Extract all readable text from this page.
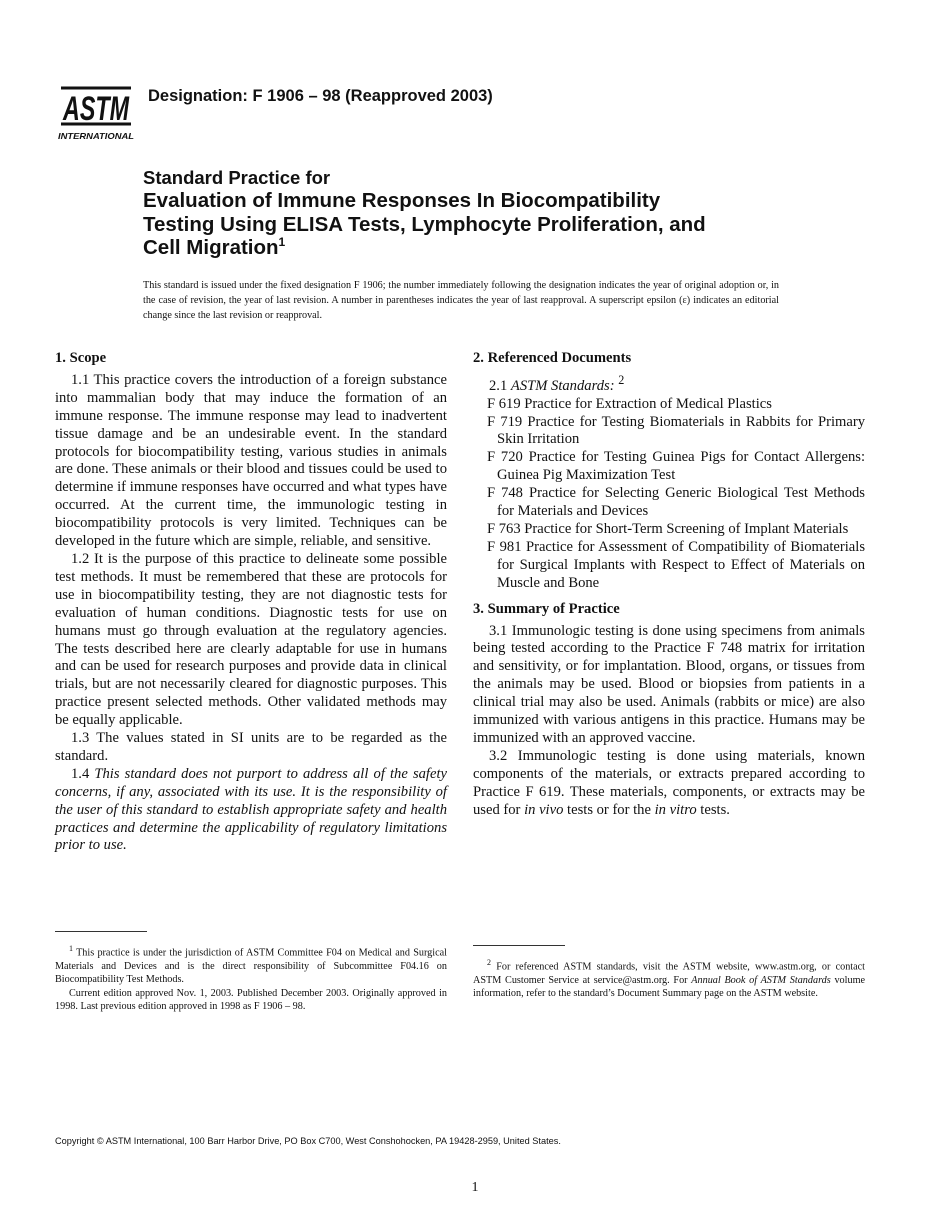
ASTM
INTERNATIONAL
Designation: F 1906 – 98 (Reapproved 2003)
Standard Practice for
Evaluation of Immune Responses In Biocompatibility
Testing Using ELISA Tests, Lymphocyte Proliferation, and
Cell Migration$^1$
This standard is issued under the fixed designation F 1906; the number immediately following the designation indicates the year of original adoption or, in the case of revision, the year of last revision. A number in parentheses indicates the year of last reapproval. A superscript epsilon (ε) indicates an editorial change since the last revision or reapproval.
1. Scope

1.1 This practice covers the introduction of a foreign substance into mammalian body that may induce the formation of an immune response. The immune response may lead to inadvertent tissue damage and be an undesirable event. In the standard protocols for biocompatibility testing, various studies in animals are done. These animals or their blood and tissues could be used to determine if immune responses have occurred and what types have occurred. At the current time, the immunologic testing in biocompatibility protocols is very limited. Techniques can be developed in the future which are simple, reliable, and sensitive.

1.2 It is the purpose of this practice to delineate some possible test methods. It must be remembered that these are protocols for use in biocompatibility testing, they are not diagnostic tests for evaluation of human conditions. Diagnostic tests for use on humans must go through evaluation at the regulatory agencies. The tests described here are clearly adaptable for use in humans and can be used for research purposes and provide data in clinical trials, but are not necessarily cleared for diagnostic purposes. This practice present selected methods. Other validated methods may be equally applicable.

1.3 The values stated in SI units are to be regarded as the standard.

1.4 This standard does not purport to address all of the safety concerns, if any, associated with its use. It is the responsibility of the user of this standard to establish appropriate safety and health practices and determine the applicability of regulatory limitations prior to use.

2. Referenced Documents

2.1 ASTM Standards: $^2$

F 619 Practice for Extraction of Medical Plastics

F 719 Practice for Testing Biomaterials in Rabbits for Primary Skin Irritation

F 720 Practice for Testing Guinea Pigs for Contact Allergens: Guinea Pig Maximization Test

F 748 Practice for Selecting Generic Biological Test Methods for Materials and Devices

F 763 Practice for Short-Term Screening of Implant Materials

F 981 Practice for Assessment of Compatibility of Biomaterials for Surgical Implants with Respect to Effect of Materials on Muscle and Bone

3. Summary of Practice

3.1 Immunologic testing is done using specimens from animals being tested according to the Practice F 748 matrix for irritation and sensitivity, or for implantation. Blood, organs, or tissues from the animals may be used. Blood or biopsies from patients in a clinical trial may also be used. Animals (rabbits or mice) are also immunized with various antigens in this practice. Humans may be immunized with an approved vaccine.

3.2 Immunologic testing is done using materials, known components of the materials, or extracts prepared according to Practice F 619. These materials, components, or extracts may be used for in vivo tests or for the in vitro tests.

$^1$ This practice is under the jurisdiction of ASTM Committee F04 on Medical and Surgical Materials and Devices and is the direct responsibility of Subcommittee F04.16 on Biocompatibility Test Methods.

Current edition approved Nov. 1, 2003. Published December 2003. Originally approved in 1998. Last previous edition approved in 1998 as F 1906 – 98.

$^2$ For referenced ASTM standards, visit the ASTM website, www.astm.org, or contact ASTM Customer Service at service@astm.org. For Annual Book of ASTM Standards volume information, refer to the standard’s Document Summary page on the ASTM website.

Copyright © ASTM International, 100 Barr Harbor Drive, PO Box C700, West Conshohocken, PA 19428-2959, United States.
1
